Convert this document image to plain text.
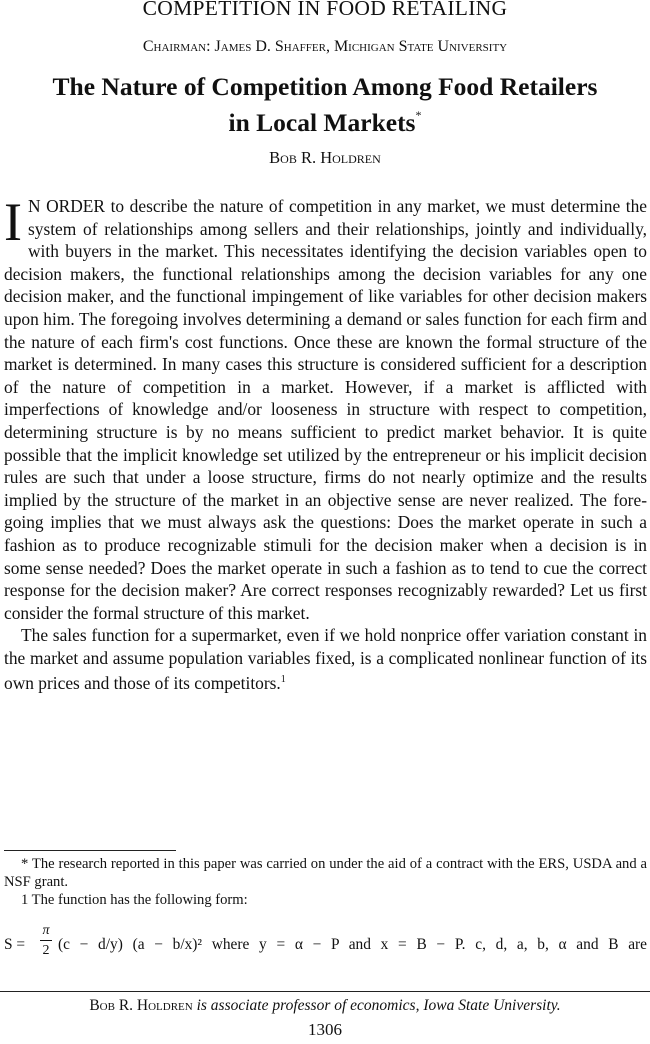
COMPETITION IN FOOD RETAILING
Chairman: James D. Shaffer, Michigan State University
The Nature of Competition Among Food Retailers
in Local Markets*
Bob R. Holdren

I N ORDER to describe the nature of competition in any market, we must determine the system of relationships among sellers and their relationships, jointly and individually, with buyers in the market. This necessitates identifying the decision variables open to decision makers, the functional relationships among the decision variables for any one decision maker, and the functional impingement of like variables for other decision makers upon him. The foregoing involves determining a demand or sales function for each firm and the nature of each firm's cost functions. Once these are known the formal structure of the market is determined. In many cases this structure is considered sufficient for a description of the nature of competition in a market. However, if a market is afflicted with imperfections of knowledge and/or looseness in structure with respect to competition, determining structure is by no means sufficient to predict market behavior. It is quite possible that the implicit knowledge set utilized by the entrepreneur or his implicit decision rules are such that under a loose structure, firms do not nearly optimize and the results implied by the structure of the market in an objective sense are never realized. The foregoing implies that we must always ask the questions: Does the market operate in such a fashion as to produce recognizable stimuli for the decision maker when a decision is in some sense needed? Does the market operate in such a fashion as to tend to cue the correct response for the decision maker? Are correct responses recognizably rewarded? Let us first consider the formal structure of this market.

The sales function for a supermarket, even if we hold nonprice offer variation constant in the market and assume population variables fixed, is a complicated nonlinear function of its own prices and those of its competitors.$^1$

* The research reported in this paper was carried on under the aid of a contract with the ERS, USDA and a NSF grant.

1 The function has the following form:

S =
π
2 (c − d/y) (a − b/x)² where y = α − P and x = B − P. c, d, a, b, α and B are
Bob R. Holdren is associate professor of economics, Iowa State University.
1306
